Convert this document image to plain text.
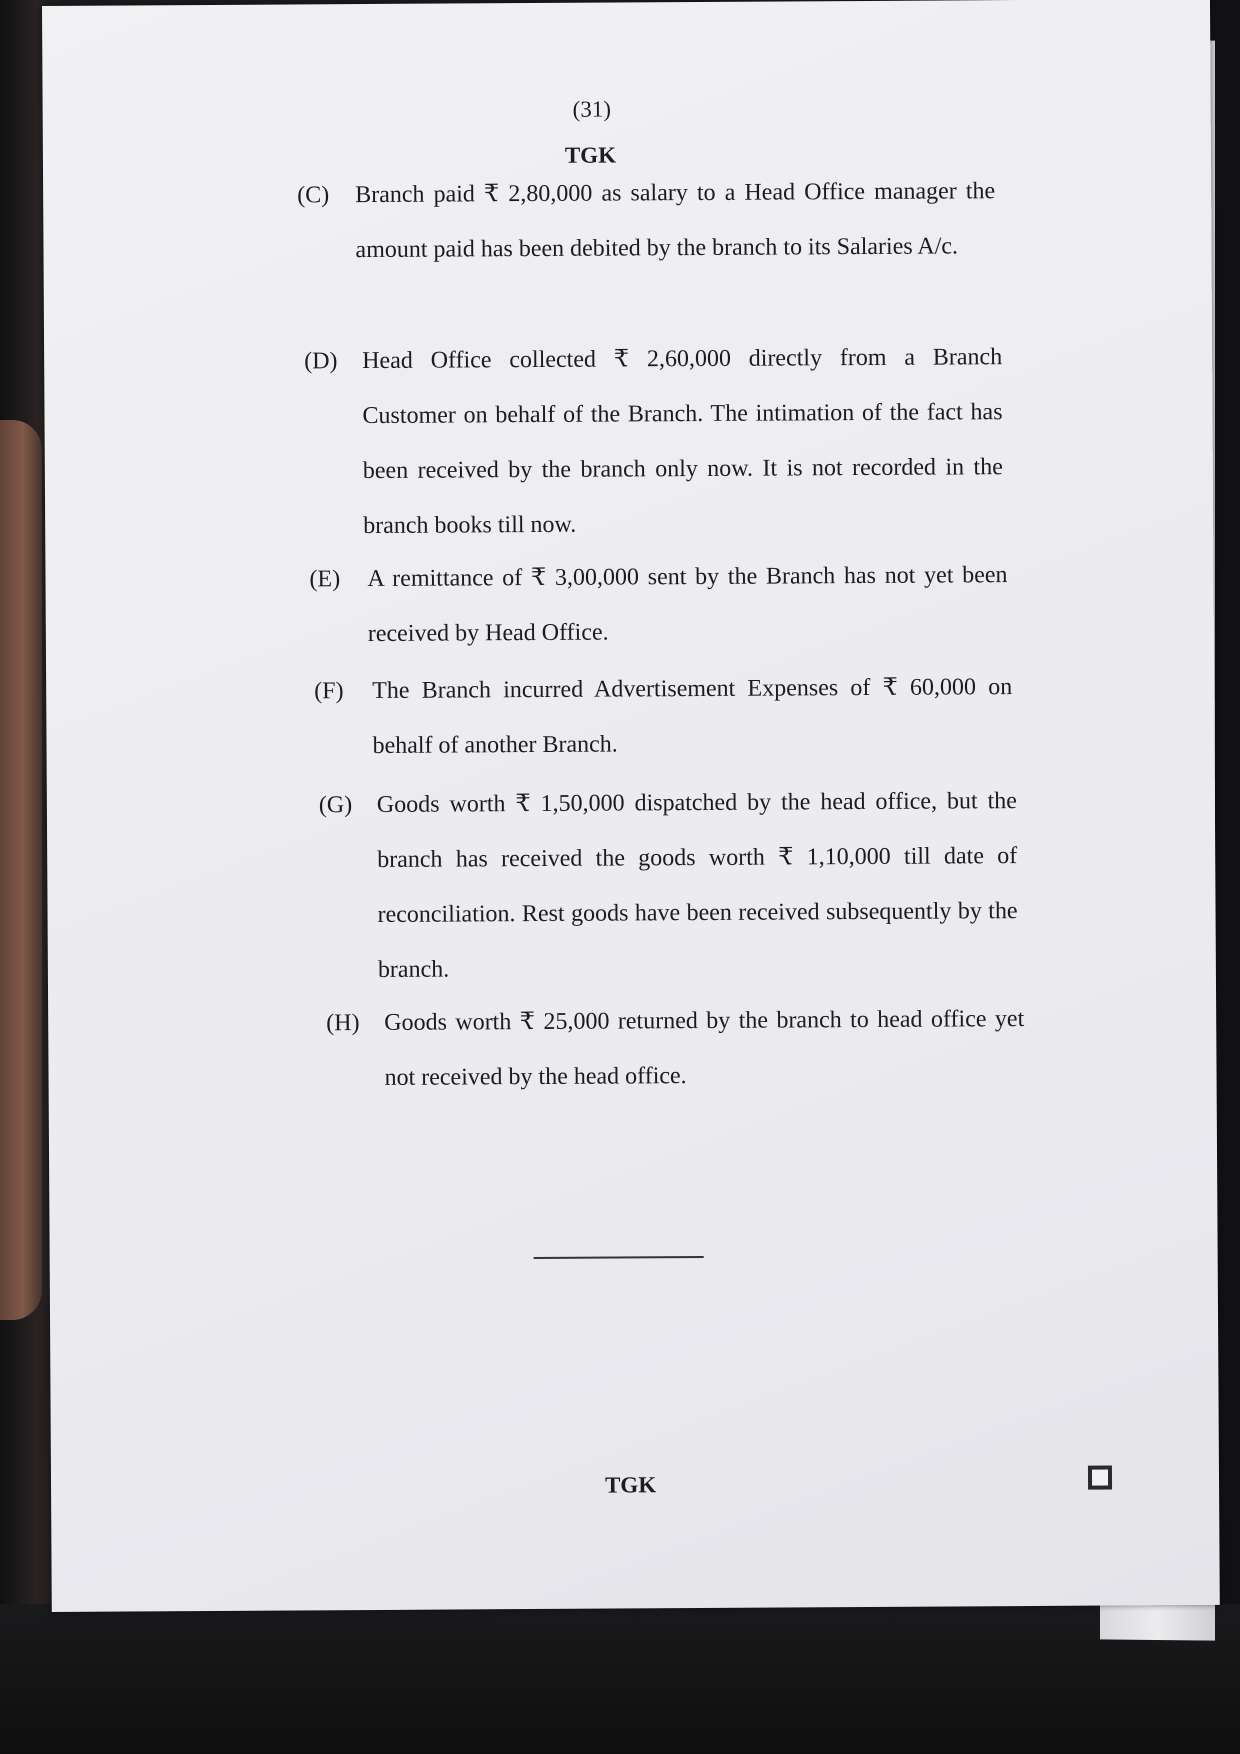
(31)
TGK
(C) Branch paid ₹ 2,80,000 as salary to a Head Office manager the amount paid has been debited by the branch to its Salaries A/c.
(D) Head Office collected ₹ 2,60,000 directly from a Branch Customer on behalf of the Branch. The intimation of the fact has been received by the branch only now. It is not recorded in the branch books till now.
(E) A remittance of ₹ 3,00,000 sent by the Branch has not yet been received by Head Office.
(F) The Branch incurred Advertisement Expenses of ₹ 60,000 on behalf of another Branch.
(G) Goods worth ₹ 1,50,000 dispatched by the head office, but the branch has received the goods worth ₹ 1,10,000 till date of reconciliation. Rest goods have been received subsequently by the branch.
(H) Goods worth ₹ 25,000 returned by the branch to head office yet not received by the head office.
TGK
